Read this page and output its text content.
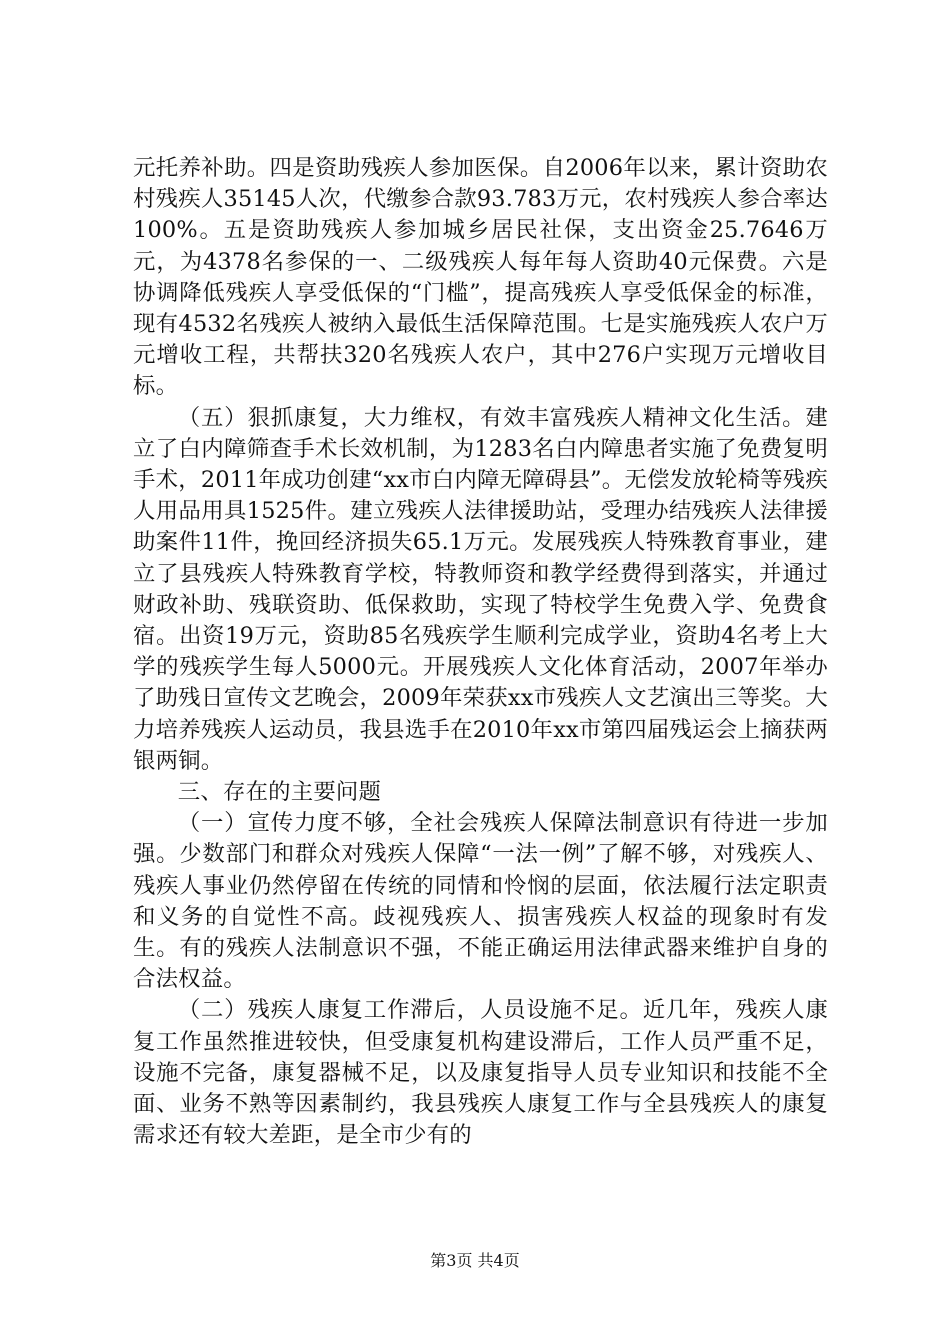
元托养补助。四是资助残疾人参加医保。自2006年以来，累计资助农村残疾人35145人次，代缴参合款93.783万元，农村残疾人参合率达100%。五是资助残疾人参加城乡居民社保，支出资金25.7646万元，为4378名参保的一、二级残疾人每年每人资助40元保费。六是协调降低残疾人享受低保的“门槛”，提高残疾人享受低保金的标准，现有4532名残疾人被纳入最低生活保障范围。七是实施残疾人农户万元增收工程，共帮扶320名残疾人农户，其中276户实现万元增收目标。

（五）狠抓康复，大力维权，有效丰富残疾人精神文化生活。建立了白内障筛查手术长效机制，为1283名白内障患者实施了免费复明手术，2011年成功创建“xx市白内障无障碍县”。无偿发放轮椅等残疾人用品用具1525件。建立残疾人法律援助站，受理办结残疾人法律援助案件11件，挽回经济损失65.1万元。发展残疾人特殊教育事业，建立了县残疾人特殊教育学校，特教师资和教学经费得到落实，并通过财政补助、残联资助、低保救助，实现了特校学生免费入学、免费食宿。出资19万元，资助85名残疾学生顺利完成学业，资助4名考上大学的残疾学生每人5000元。开展残疾人文化体育活动，2007年举办了助残日宣传文艺晚会，2009年荣获xx市残疾人文艺演出三等奖。大力培养残疾人运动员，我县选手在2010年xx市第四届残运会上摘获两银两铜。

三、存在的主要问题

（一）宣传力度不够，全社会残疾人保障法制意识有待进一步加强。少数部门和群众对残疾人保障“一法一例”了解不够，对残疾人、残疾人事业仍然停留在传统的同情和怜悯的层面，依法履行法定职责和义务的自觉性不高。歧视残疾人、损害残疾人权益的现象时有发生。有的残疾人法制意识不强，不能正确运用法律武器来维护自身的合法权益。

（二）残疾人康复工作滞后，人员设施不足。近几年，残疾人康复工作虽然推进较快，但受康复机构建设滞后，工作人员严重不足，设施不完备，康复器械不足，以及康复指导人员专业知识和技能不全面、业务不熟等因素制约，我县残疾人康复工作与全县残疾人的康复需求还有较大差距，是全市少有的

第3页 共4页
